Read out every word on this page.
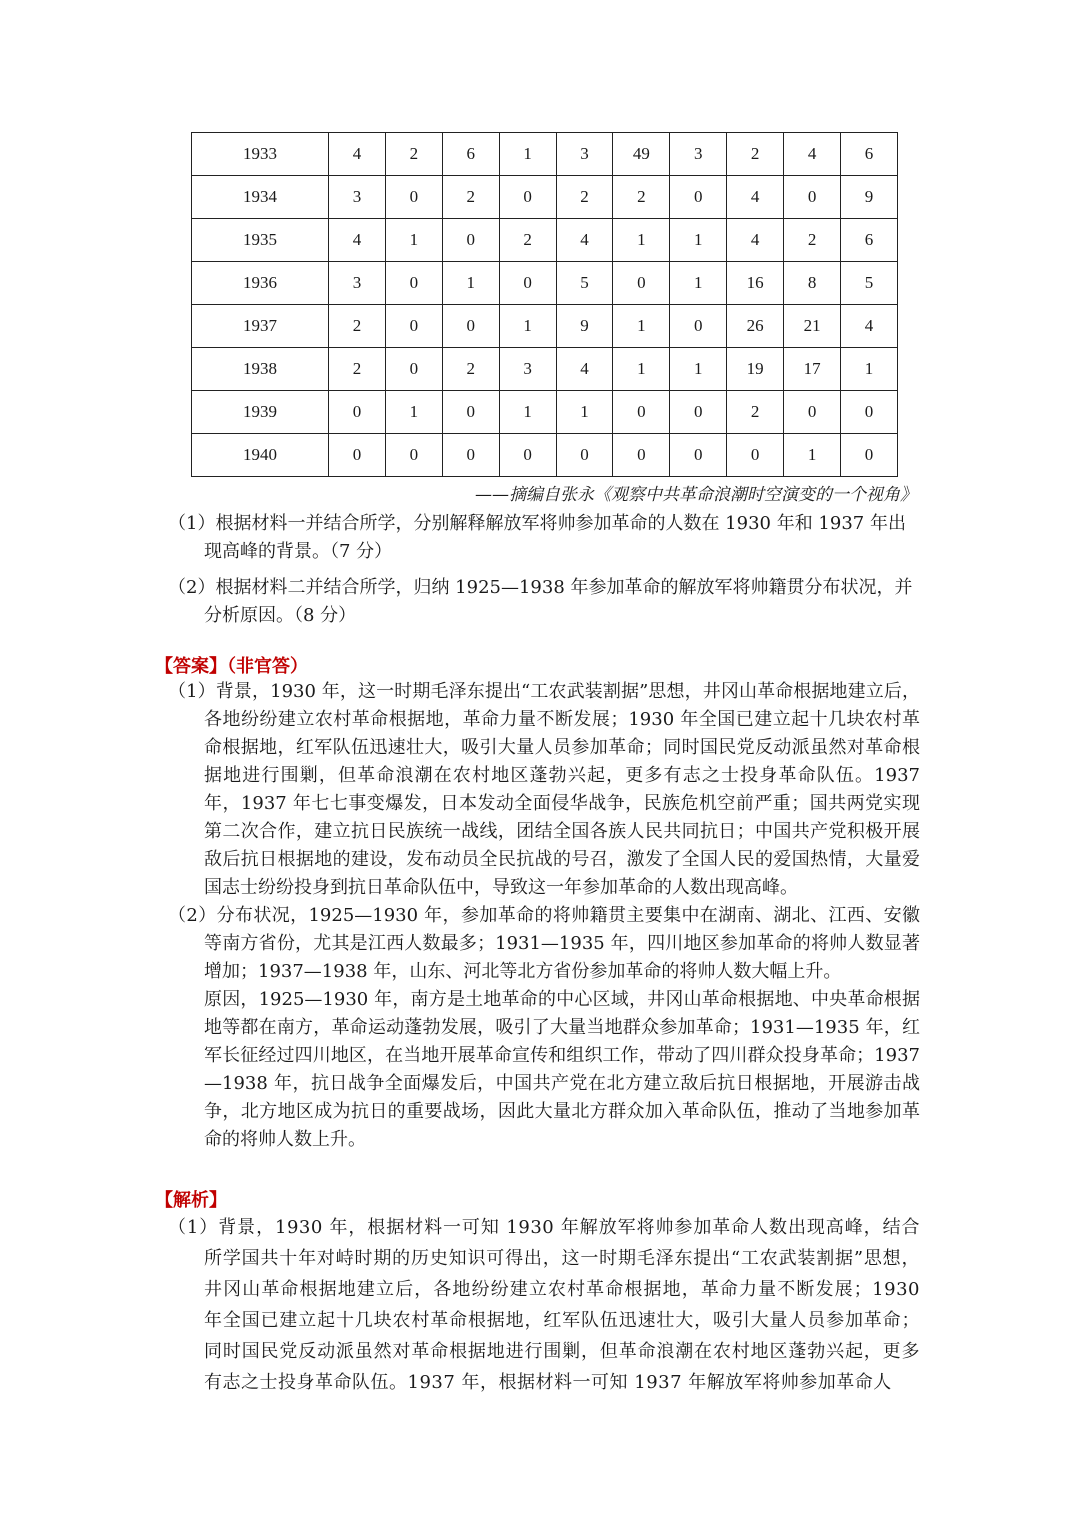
1933	4	2	6	1	3	49	3	2	4	6
1934	3	0	2	0	2	2	0	4	0	9
1935	4	1	0	2	4	1	1	4	2	6
1936	3	0	1	0	5	0	1	16	8	5
1937	2	0	0	1	9	1	0	26	21	4
1938	2	0	2	3	4	1	1	19	17	1
1939	0	1	0	1	1	0	0	2	0	0
1940	0	0	0	0	0	0	0	0	1	0
——摘编自张永《观察中共革命浪潮时空演变的一个视角》

（1）根据材料一并结合所学，分别解释解放军将帅参加革命的人数在 1930 年和 1937 年出现高峰的背景。（7 分）

（2）根据材料二并结合所学，归纳 1925—1938 年参加革命的解放军将帅籍贯分布状况，并分析原因。（8 分）

【答案】（非官答）

（1）背景，1930 年，这一时期毛泽东提出“工农武装割据”思想，井冈山革命根据地建立后，各地纷纷建立农村革命根据地，革命力量不断发展；1930 年全国已建立起十几块农村革命根据地，红军队伍迅速壮大，吸引大量人员参加革命；同时国民党反动派虽然对革命根据地进行围剿，但革命浪潮在农村地区蓬勃兴起，更多有志之士投身革命队伍。1937 年，1937 年七七事变爆发，日本发动全面侵华战争，民族危机空前严重；国共两党实现第二次合作，建立抗日民族统一战线，团结全国各族人民共同抗日；中国共产党积极开展敌后抗日根据地的建设，发布动员全民抗战的号召，激发了全国人民的爱国热情，大量爱国志士纷纷投身到抗日革命队伍中，导致这一年参加革命的人数出现高峰。

（2）分布状况，1925—1930 年，参加革命的将帅籍贯主要集中在湖南、湖北、江西、安徽等南方省份，尤其是江西人数最多；1931—1935 年，四川地区参加革命的将帅人数显著增加；1937—1938 年，山东、河北等北方省份参加革命的将帅人数大幅上升。

原因，1925—1930 年，南方是土地革命的中心区域，井冈山革命根据地、中央革命根据地等都在南方，革命运动蓬勃发展，吸引了大量当地群众参加革命；1931—1935 年，红军长征经过四川地区，在当地开展革命宣传和组织工作，带动了四川群众投身革命；1937—1938 年，抗日战争全面爆发后，中国共产党在北方建立敌后抗日根据地，开展游击战争，北方地区成为抗日的重要战场，因此大量北方群众加入革命队伍，推动了当地参加革命的将帅人数上升。

【解析】

（1）背景，1930 年，根据材料一可知 1930 年解放军将帅参加革命人数出现高峰，结合所学国共十年对峙时期的历史知识可得出，这一时期毛泽东提出“工农武装割据”思想，井冈山革命根据地建立后，各地纷纷建立农村革命根据地，革命力量不断发展；1930 年全国已建立起十几块农村革命根据地，红军队伍迅速壮大，吸引大量人员参加革命；同时国民党反动派虽然对革命根据地进行围剿，但革命浪潮在农村地区蓬勃兴起，更多有志之士投身革命队伍。1937 年，根据材料一可知 1937 年解放军将帅参加革命人
